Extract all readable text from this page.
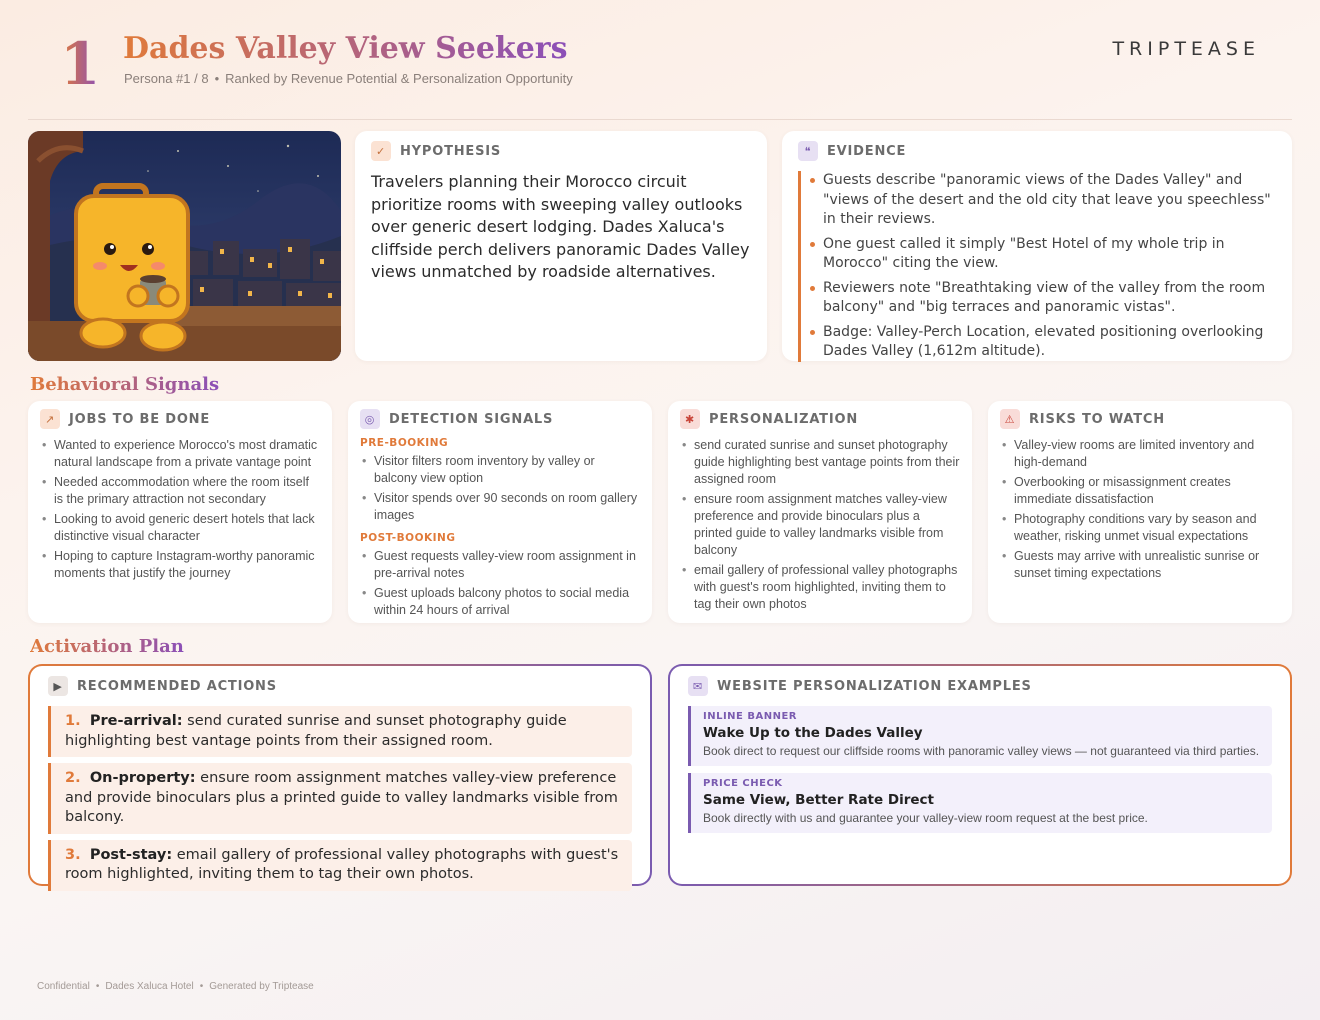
1 Dades Valley View Seekers
Persona #1 / 8 • Ranked by Revenue Potential & Personalization Opportunity
TRIPTEASE
✓	HYPOTHESIS
Travelers planning their Morocco circuit prioritize rooms with sweeping valley outlooks over generic desert lodging. Dades Xaluca's cliffside perch delivers panoramic Dades Valley views unmatched by roadside alternatives.
❝	EVIDENCE
Guests describe "panoramic views of the Dades Valley" and "views of the desert and the old city that leave you speechless" in their reviews.
One guest called it simply "Best Hotel of my whole trip in Morocco" citing the view.
Reviewers note "Breathtaking view of the valley from the room balcony" and "big terraces and panoramic vistas".
Badge: Valley-Perch Location, elevated positioning overlooking Dades Valley (1,612m altitude).
Behavioral Signals
↗	JOBS TO BE DONE
• Wanted to experience Morocco's most dramatic natural landscape from a private vantage point
• Needed accommodation where the room itself is the primary attraction not secondary
• Looking to avoid generic desert hotels that lack distinctive visual character
• Hoping to capture Instagram-worthy panoramic moments that justify the journey
◎	DETECTION SIGNALS
PRE-BOOKING
• Visitor filters room inventory by valley or balcony view option
• Visitor spends over 90 seconds on room gallery images
POST-BOOKING
• Guest requests valley-view room assignment in pre-arrival notes
• Guest uploads balcony photos to social media within 24 hours of arrival
✱	PERSONALIZATION
• send curated sunrise and sunset photography guide highlighting best vantage points from their assigned room
• ensure room assignment matches valley-view preference and provide binoculars plus a printed guide to valley landmarks visible from balcony
• email gallery of professional valley photographs with guest's room highlighted, inviting them to tag their own photos
⚠	RISKS TO WATCH
• Valley-view rooms are limited inventory and high-demand
• Overbooking or misassignment creates immediate dissatisfaction
• Photography conditions vary by season and weather, risking unmet visual expectations
• Guests may arrive with unrealistic sunrise or sunset timing expectations
Activation Plan
▶	RECOMMENDED ACTIONS
1. Pre-arrival: send curated sunrise and sunset photography guide highlighting best vantage points from their assigned room.
2. On-property: ensure room assignment matches valley-view preference and provide binoculars plus a printed guide to valley landmarks visible from balcony.
3. Post-stay: email gallery of professional valley photographs with guest's room highlighted, inviting them to tag their own photos.
✉	WEBSITE PERSONALIZATION EXAMPLES
INLINE BANNER
Wake Up to the Dades Valley
Book direct to request our cliffside rooms with panoramic valley views — not guaranteed via third parties.
PRICE CHECK
Same View, Better Rate Direct
Book directly with us and guarantee your valley-view room request at the best price.
Confidential • Dades Xaluca Hotel • Generated by Triptease
